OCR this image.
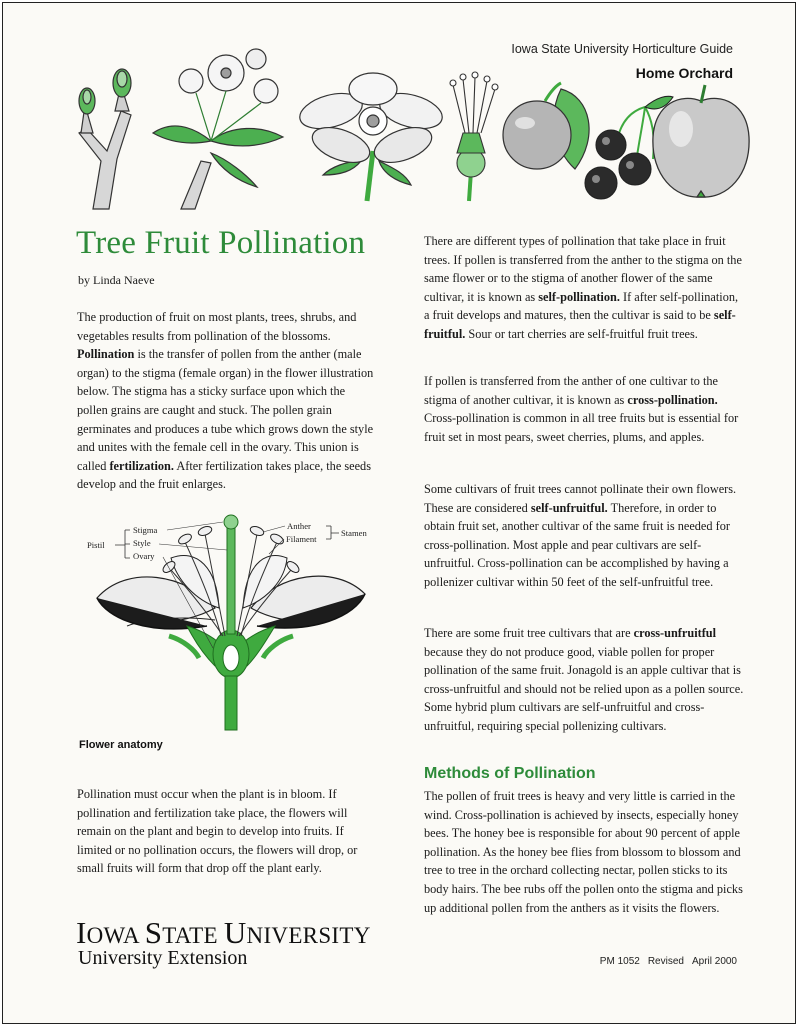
Iowa State University Horticulture Guide
Home Orchard
Tree Fruit Pollination
by Linda Naeve

The production of fruit on most plants, trees, shrubs, and vegetables results from pollination of the blossoms. Pollination is the transfer of pollen from the anther (male organ) to the stigma (female organ) in the flower illustration below. The stigma has a sticky surface upon which the pollen grains are caught and stuck. The pollen grain germinates and produces a tube which grows down the style and unites with the female cell in the ovary. This union is called fertilization. After fertilization takes place, the seeds develop and the fruit enlarges.

Stigma
Style
Ovary
Pistil
Anther
Filament
Stamen
Flower anatomy

Pollination must occur when the plant is in bloom. If pollination and fertilization take place, the flowers will remain on the plant and begin to develop into fruits. If limited or no pollination occurs, the flowers will drop, or small fruits will form that drop off the plant early.

There are different types of pollination that take place in fruit trees. If pollen is transferred from the anther to the stigma on the same flower or to the stigma of another flower of the same cultivar, it is known as self-pollination. If after self-pollination, a fruit develops and matures, then the cultivar is said to be self-fruitful. Sour or tart cherries are self-fruitful fruit trees.

If pollen is transferred from the anther of one cultivar to the stigma of another cultivar, it is known as cross-pollination. Cross-pollination is common in all tree fruits but is essential for fruit set in most pears, sweet cherries, plums, and apples.

Some cultivars of fruit trees cannot pollinate their own flowers. These are considered self-unfruitful. Therefore, in order to obtain fruit set, another cultivar of the same fruit is needed for cross-pollination. Most apple and pear cultivars are self-unfruitful. Cross-pollination can be accomplished by having a pollenizer cultivar within 50 feet of the self-unfruitful tree.

There are some fruit tree cultivars that are cross-unfruitful because they do not produce good, viable pollen for proper pollination of the same fruit. Jonagold is an apple cultivar that is cross-unfruitful and should not be relied upon as a pollen source. Some hybrid plum cultivars are self-unfruitful and cross-unfruitful, requiring special pollenizing cultivars.

Methods of Pollination

The pollen of fruit trees is heavy and very little is carried in the wind. Cross-pollination is achieved by insects, especially honey bees. The honey bee is responsible for about 90 percent of apple pollination. As the honey bee flies from blossom to blossom and tree to tree in the orchard collecting nectar, pollen sticks to its body hairs. The bee rubs off the pollen onto the stigma and picks up additional pollen from the anthers as it visits the flowers.

IOWA STATE UNIVERSITY
University Extension	PM 1052 Revised April 2000
